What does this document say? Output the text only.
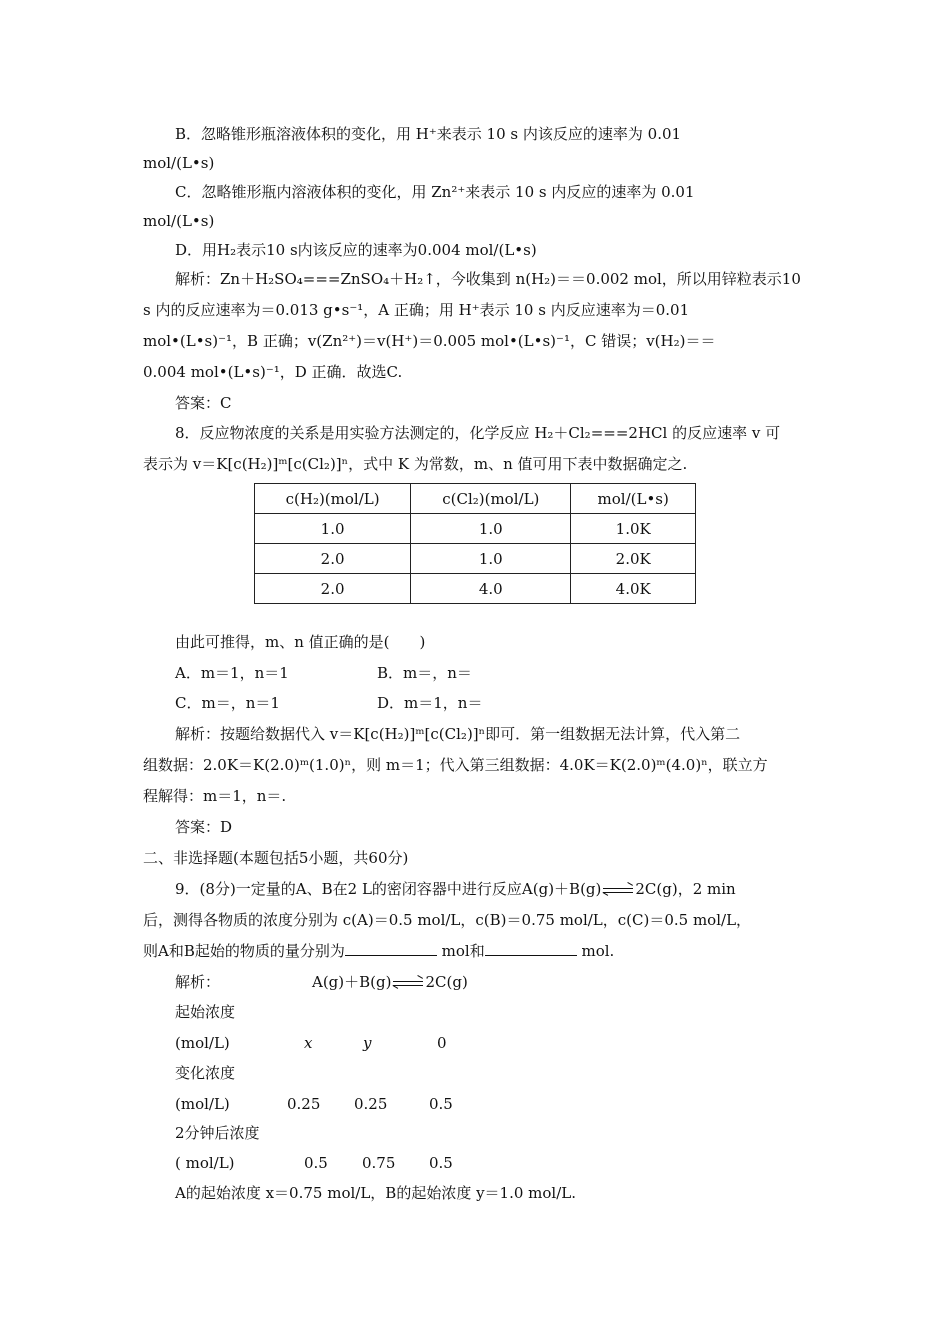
B．忽略锥形瓶溶液体积的变化，用 H⁺来表示 10 s 内该反应的速率为 0.01
mol/(L•s)
C．忽略锥形瓶内溶液体积的变化，用 Zn²⁺来表示 10 s 内反应的速率为 0.01
mol/(L•s)
D．用H₂表示10 s内该反应的速率为0.004 mol/(L•s)
解析：Zn＋H₂SO₄===ZnSO₄＋H₂↑，今收集到 n(H₂)＝＝0.002 mol，所以用锌粒表示10
s 内的反应速率为＝0.013 g•s⁻¹，A 正确；用 H⁺表示 10 s 内反应速率为＝0.01
mol•(L•s)⁻¹，B 正确；v(Zn²⁺)＝v(H⁺)＝0.005 mol•(L•s)⁻¹，C 错误；v(H₂)＝＝
0.004 mol•(L•s)⁻¹，D 正确．故选C.
答案：C
8．反应物浓度的关系是用实验方法测定的，化学反应 H₂＋Cl₂===2HCl 的反应速率 v 可
表示为 v＝K[c(H₂)]ᵐ[c(Cl₂)]ⁿ，式中 K 为常数，m、n 值可用下表中数据确定之.
c(H₂)(mol/L)	c(Cl₂)(mol/L)	mol/(L•s)
1.0	1.0	1.0K
2.0	1.0	2.0K
2.0	4.0	4.0K
由此可推得，m、n 值正确的是(　　)
A．m＝1，n＝1	B．m＝，n＝
C．m＝，n＝1	D．m＝1，n＝
解析：按题给数据代入 v＝K[c(H₂)]ᵐ[c(Cl₂)]ⁿ即可．第一组数据无法计算，代入第二
组数据：2.0K＝K(2.0)ᵐ(1.0)ⁿ，则 m＝1；代入第三组数据：4.0K＝K(2.0)ᵐ(4.0)ⁿ，联立方
程解得：m＝1，n＝.
答案：D
二、非选择题(本题包括5小题，共60分)
9．(8分)一定量的A、B在2 L的密闭容器中进行反应A(g)＋B(g) 2C(g)，2 min
后，测得各物质的浓度分别为 c(A)＝0.5 mol/L，c(B)＝0.75 mol/L，c(C)＝0.5 mol/L，
则A和B起始的物质的量分别为	mol和	mol.
解析：	A(g)＋B(g) 2C(g)
起始浓度
(mol/L)	x	y	0
变化浓度
(mol/L)	0.25 0.25	0.5
2分钟后浓度
( mol/L)	0.5 0.75 0.5
A的起始浓度 x＝0.75 mol/L，B的起始浓度 y＝1.0 mol/L.
